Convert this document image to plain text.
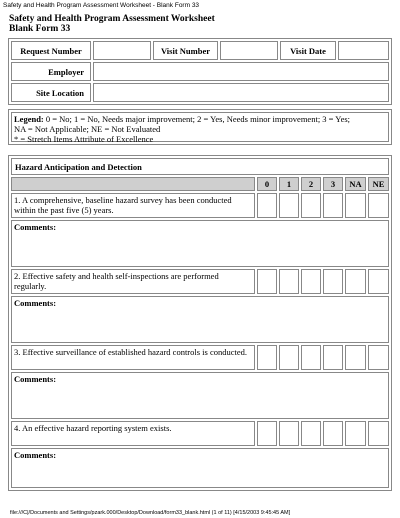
Safety and Health Program Assessment Worksheet - Blank Form 33
Safety and Health Program Assessment Worksheet
Blank Form 33
Request Number		Visit Number		Visit Date	
Employer					
Site Location					
Legend: 0 = No; 1 = No, Needs major improvement; 2 = Yes, Needs minor improvement; 3 = Yes;
NA = Not Applicable; NE = Not Evaluated
* = Stretch Items Attribute of Excellence
Hazard Anticipation and Detection						
	0	1	2	3	NA	NE
1. A comprehensive, baseline hazard survey has been conducted within the past five (5) years.						
Comments:						
2. Effective safety and health self-inspections are performed regularly.						
Comments:						
3. Effective surveillance of established hazard controls is conducted.						
Comments:						
4. An effective hazard reporting system exists.						
Comments:						
file:///C|/Documents and Settings/pzark.000/Desktop/Download/form33_blank.html (1 of 11) [4/15/2003 9:45:45 AM]
